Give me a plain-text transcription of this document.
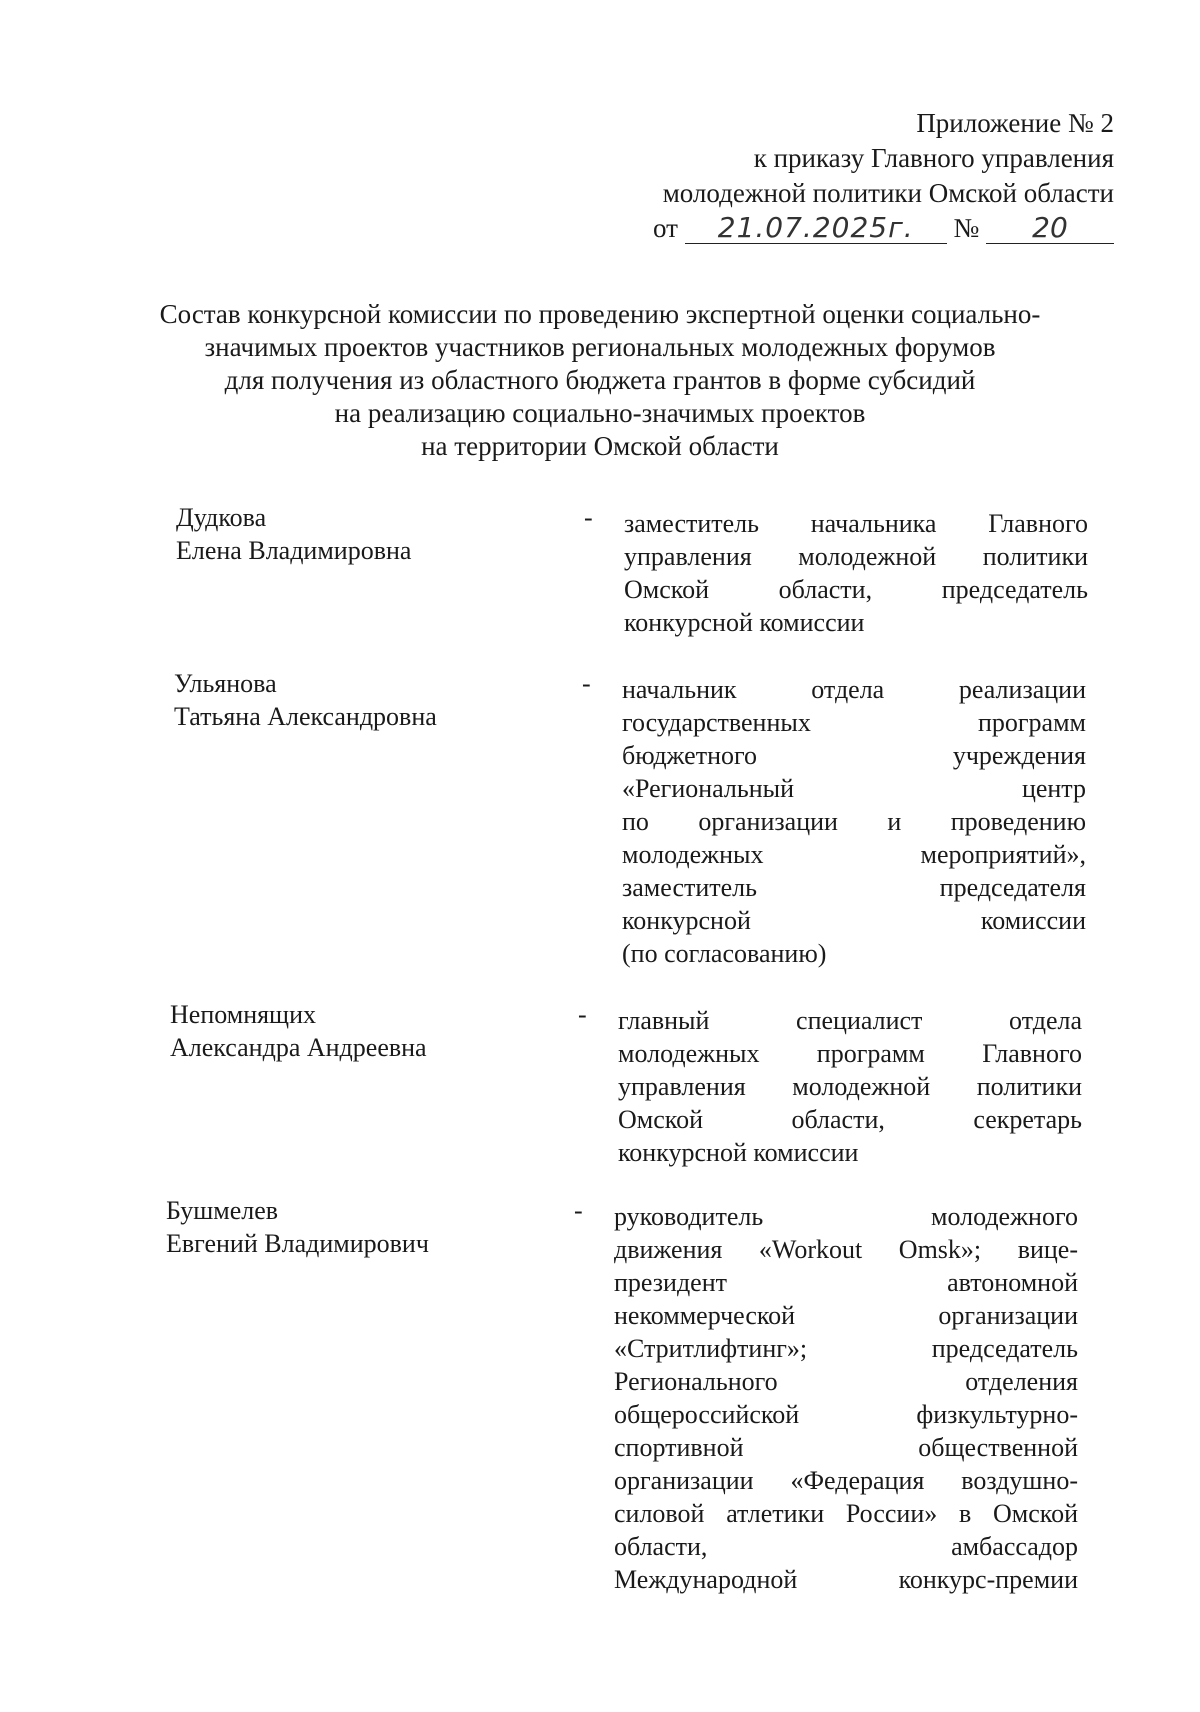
Приложение № 2
к приказу Главного управления
молодежной политики Омской области
от 21.07.2025г. № 20
Состав конкурсной комиссии по проведению экспертной оценки социально-
значимых проектов участников региональных молодежных форумов
для получения из областного бюджета грантов в форме субсидий
на реализацию социально-значимых проектов
на территории Омской области
Дудкова
Елена Владимировна
- заместитель начальника Главного
управления молодежной политики
Омской области, председатель
конкурсной комиссии
Ульянова
Татьяна Александровна
- начальник отдела реализации
государственных программ
бюджетного учреждения
«Региональный центр
по организации и проведению
молодежных мероприятий»,
заместитель председателя
конкурсной комиссии
(по согласованию)
Непомнящих
Александра Андреевна
- главный специалист отдела
молодежных программ Главного
управления молодежной политики
Омской области, секретарь
конкурсной комиссии
Бушмелев
Евгений Владимирович
- руководитель молодежного
движения «Workout Omsk»; вице-
президент автономной
некоммерческой организации
«Стритлифтинг»; председатель
Регионального отделения
общероссийской физкультурно-
спортивной общественной
организации «Федерация воздушно-
силовой атлетики России» в Омской
области, амбассадор
Международной конкурс-премии
